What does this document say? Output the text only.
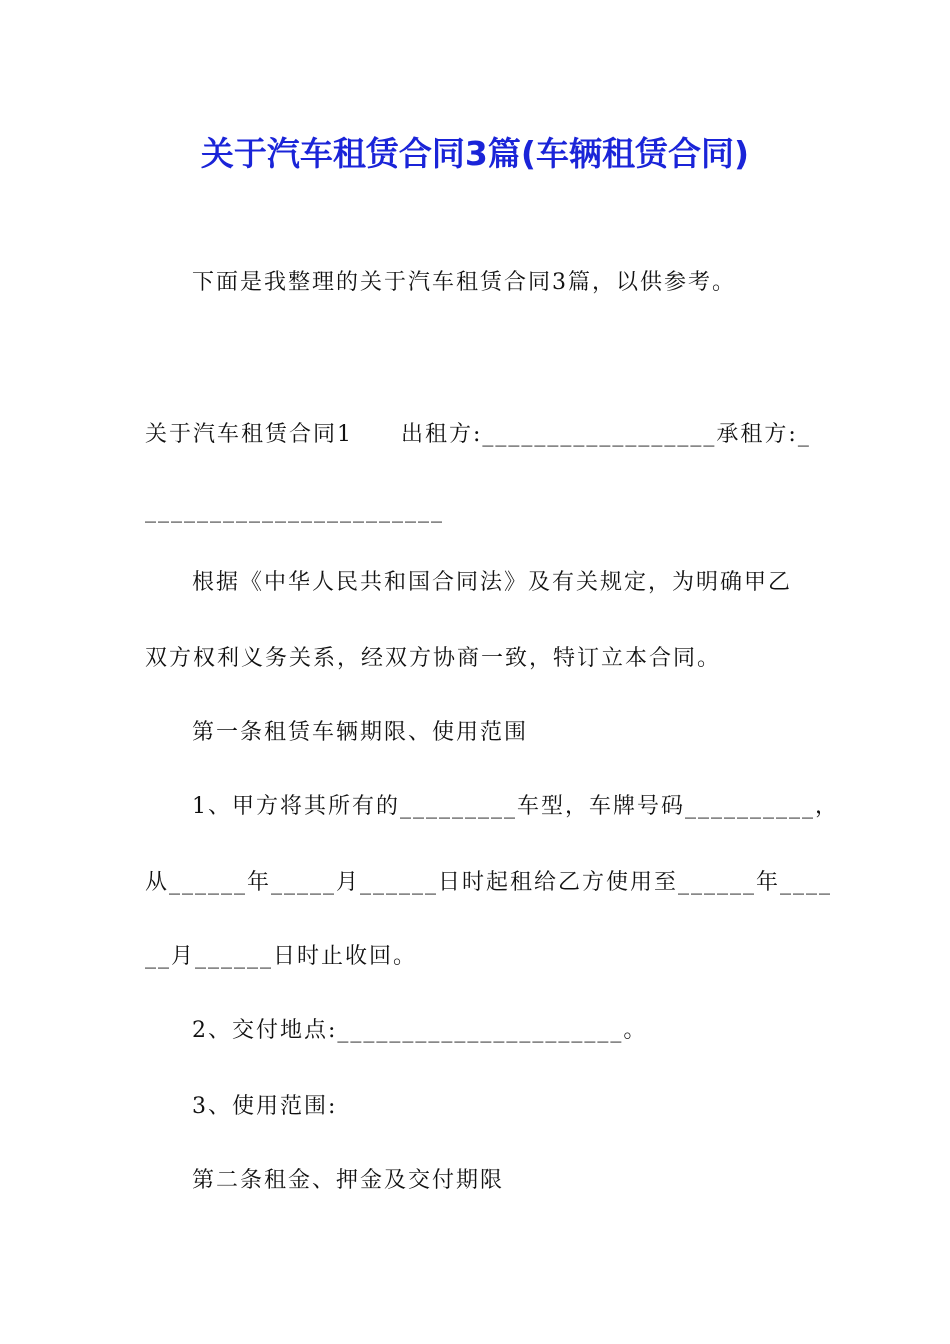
关于汽车租赁合同3篇(车辆租赁合同)
下面是我整理的关于汽车租赁合同3篇，以供参考。
关于汽车租赁合同1　　出租方:__________________承租方:_
_______________________
根据《中华人民共和国合同法》及有关规定，为明确甲乙
双方权利义务关系，经双方协商一致，特订立本合同。
第一条租赁车辆期限、使用范围
1、甲方将其所有的_________车型，车牌号码__________，
从______年_____月______日时起租给乙方使用至______年____
__月______日时止收回。
2、交付地点:______________________。
3、使用范围:
第二条租金、押金及交付期限
